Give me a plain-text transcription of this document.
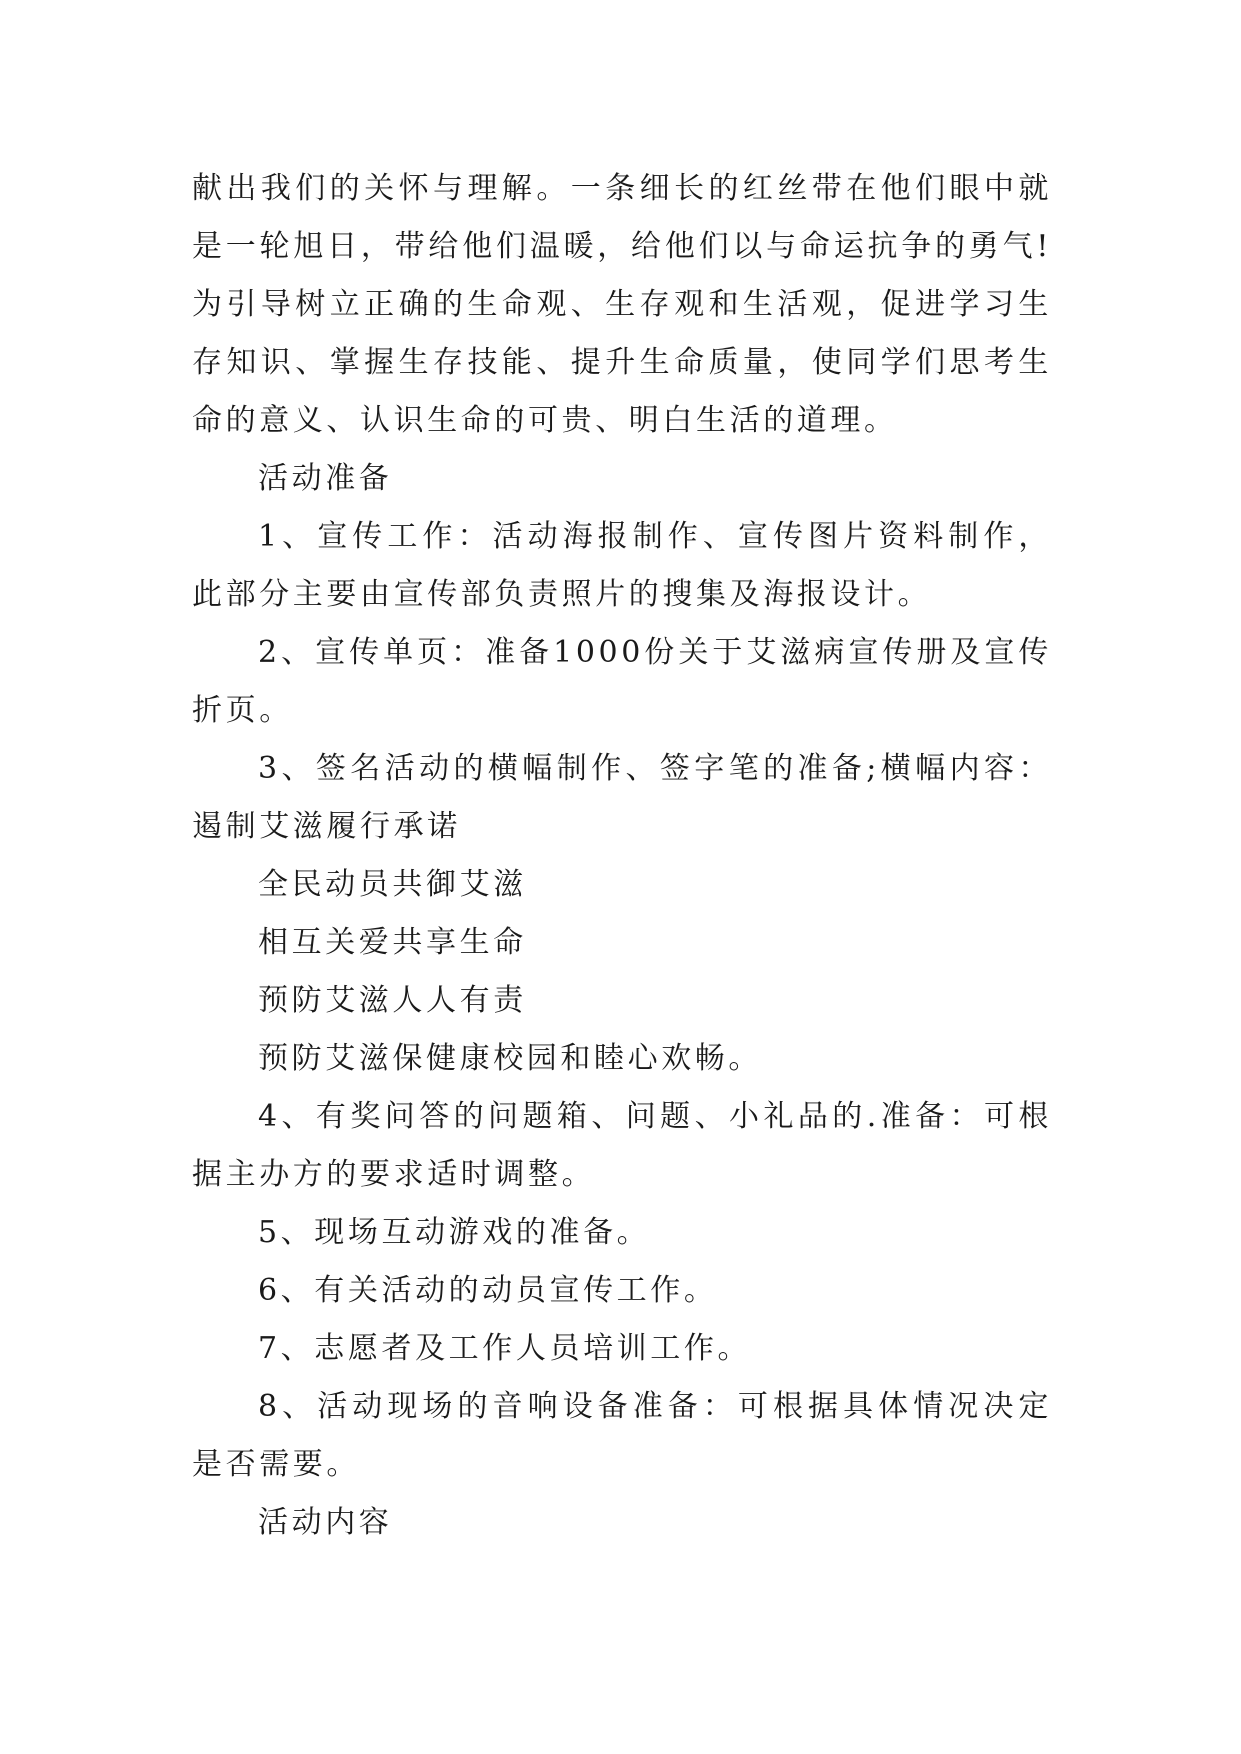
献出我们的关怀与理解。一条细长的红丝带在他们眼中就是一轮旭日，带给他们温暖，给他们以与命运抗争的勇气!为引导树立正确的生命观、生存观和生活观，促进学习生存知识、掌握生存技能、提升生命质量，使同学们思考生命的意义、认识生命的可贵、明白生活的道理。

活动准备

1、宣传工作：活动海报制作、宣传图片资料制作，此部分主要由宣传部负责照片的搜集及海报设计。

2、宣传单页：准备1000份关于艾滋病宣传册及宣传折页。

3、签名活动的横幅制作、签字笔的准备;横幅内容：遏制艾滋履行承诺

全民动员共御艾滋

相互关爱共享生命

预防艾滋人人有责

预防艾滋保健康校园和睦心欢畅。

4、有奖问答的问题箱、问题、小礼品的.准备：可根据主办方的要求适时调整。

5、现场互动游戏的准备。

6、有关活动的动员宣传工作。

7、志愿者及工作人员培训工作。

8、活动现场的音响设备准备：可根据具体情况决定是否需要。

活动内容
